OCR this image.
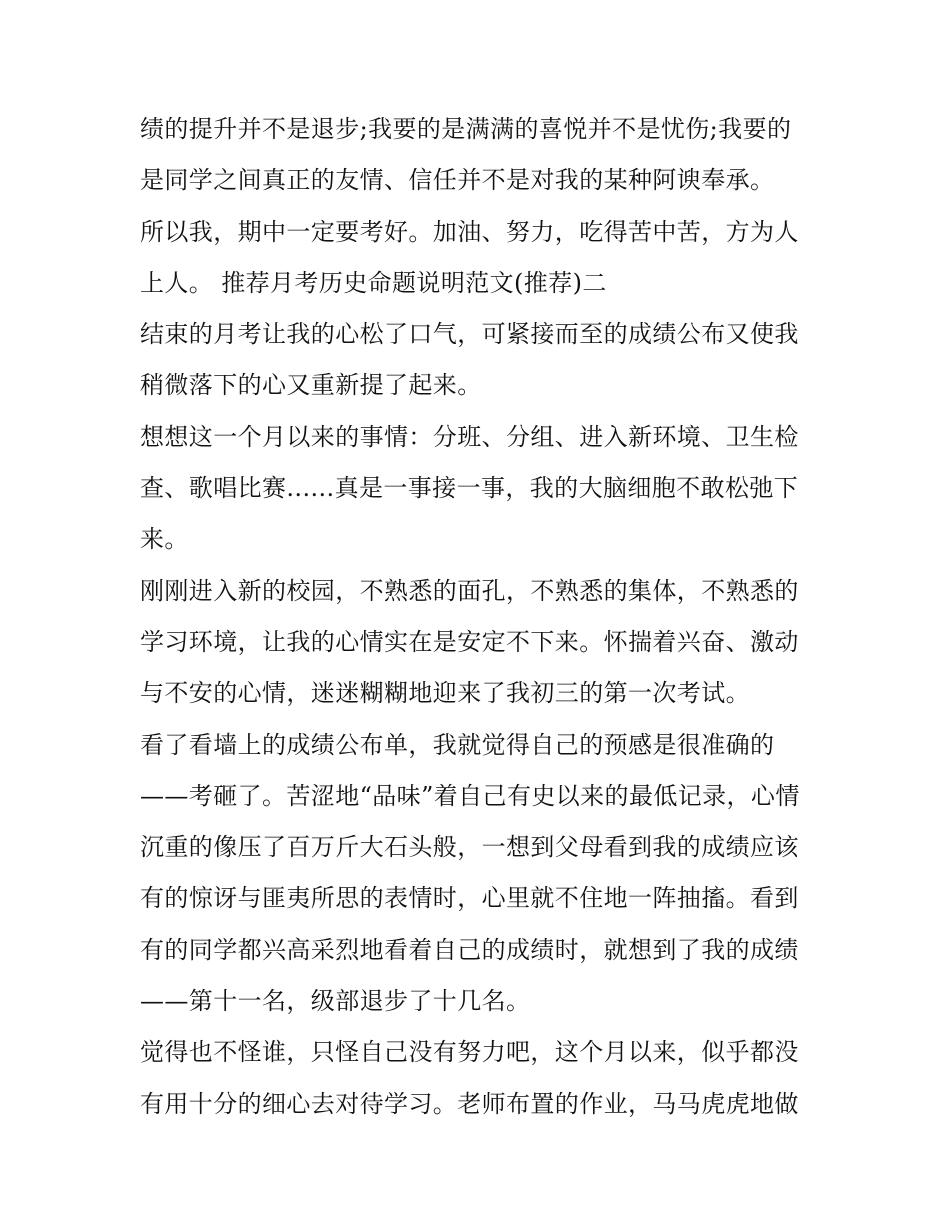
绩的提升并不是退步;我要的是满满的喜悦并不是忧伤;我要的
是同学之间真正的友情、信任并不是对我的某种阿谀奉承。
所以我，期中一定要考好。加油、努力，吃得苦中苦，方为人
上人。 推荐月考历史命题说明范文(推荐)二
结束的月考让我的心松了口气，可紧接而至的成绩公布又使我
稍微落下的心又重新提了起来。
想想这一个月以来的事情：分班、分组、进入新环境、卫生检
查、歌唱比赛......真是一事接一事，我的大脑细胞不敢松弛下
来。
刚刚进入新的校园，不熟悉的面孔，不熟悉的集体，不熟悉的
学习环境，让我的心情实在是安定不下来。怀揣着兴奋、激动
与不安的心情，迷迷糊糊地迎来了我初三的第一次考试。
看了看墙上的成绩公布单，我就觉得自己的预感是很准确的
——考砸了。苦涩地“品味”着自己有史以来的最低记录，心情
沉重的像压了百万斤大石头般，一想到父母看到我的成绩应该
有的惊讶与匪夷所思的表情时，心里就不住地一阵抽搐。看到
有的同学都兴高采烈地看着自己的成绩时，就想到了我的成绩
——第十一名，级部退步了十几名。
觉得也不怪谁，只怪自己没有努力吧，这个月以来，似乎都没
有用十分的细心去对待学习。老师布置的作业，马马虎虎地做
